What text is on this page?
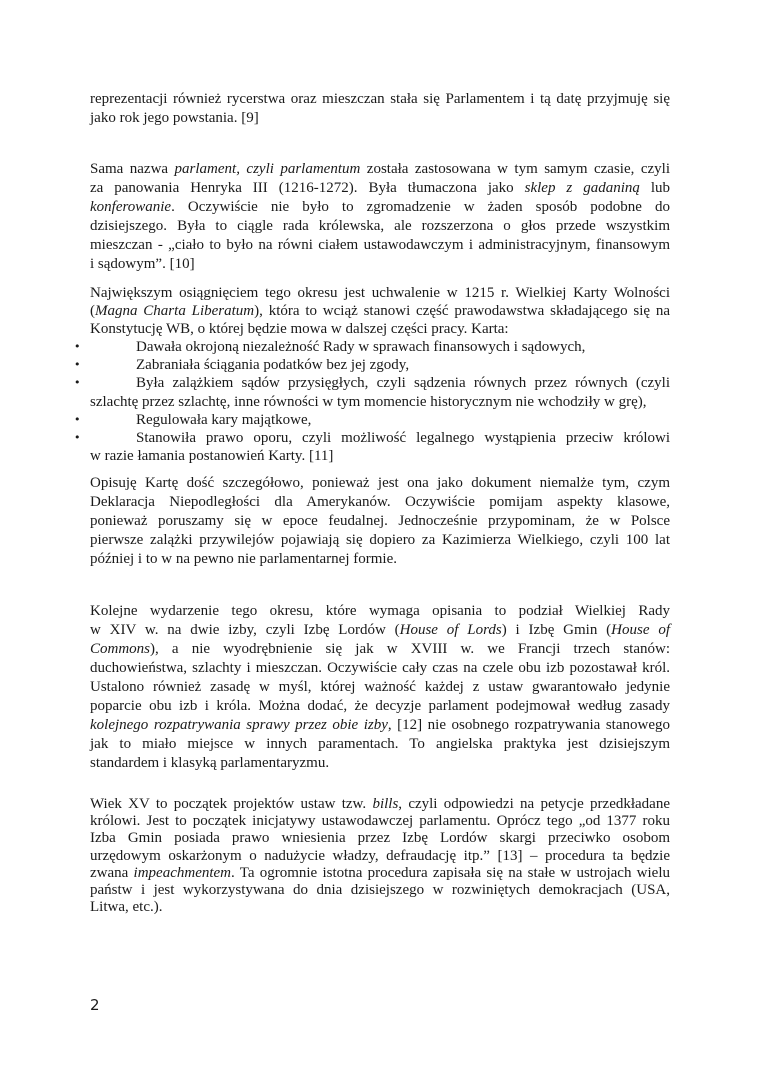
reprezentacji również rycerstwa oraz mieszczan stała się Parlamentem i tą datę przyjmuję się
jako rok jego powstania. [9]
Sama nazwa parlament, czyli parlamentum została zastosowana w tym samym czasie, czyli
za panowania Henryka III (1216-1272). Była tłumaczona jako sklep z gadaniną lub
konferowanie. Oczywiście nie było to zgromadzenie w żaden sposób podobne do
dzisiejszego. Była to ciągle rada królewska, ale rozszerzona o głos przede wszystkim
mieszczan - „ciało to było na równi ciałem ustawodawczym i administracyjnym, finansowym
i sądowym”. [10]
Największym osiągnięciem tego okresu jest uchwalenie w 1215 r. Wielkiej Karty Wolności
(Magna Charta Liberatum), która to wciąż stanowi część prawodawstwa składającego się na
Konstytucję WB, o której będzie mowa w dalszej części pracy. Karta:
•	Dawała okrojoną niezależność Rady w sprawach finansowych i sądowych,
•	Zabraniała ściągania podatków bez jej zgody,
•	Była zalążkiem sądów przysięgłych, czyli sądzenia równych przez równych (czyli
szlachtę przez szlachtę, inne równości w tym momencie historycznym nie wchodziły w grę),
•	Regulowała kary majątkowe,
•	Stanowiła prawo oporu, czyli możliwość legalnego wystąpienia przeciw królowi
w razie łamania postanowień Karty. [11]
Opisuję Kartę dość szczegółowo, ponieważ jest ona jako dokument niemalże tym, czym
Deklaracja Niepodległości dla Amerykanów. Oczywiście pomijam aspekty klasowe,
ponieważ poruszamy się w epoce feudalnej. Jednocześnie przypominam, że w Polsce
pierwsze zalążki przywilejów pojawiają się dopiero za Kazimierza Wielkiego, czyli 100 lat
później i to w na pewno nie parlamentarnej formie.
Kolejne wydarzenie tego okresu, które wymaga opisania to podział Wielkiej Rady
w XIV w. na dwie izby, czyli Izbę Lordów (House of Lords) i Izbę Gmin (House of
Commons), a nie wyodrębnienie się jak w XVIII w. we Francji trzech stanów:
duchowieństwa, szlachty i mieszczan. Oczywiście cały czas na czele obu izb pozostawał król.
Ustalono również zasadę w myśl, której ważność każdej z ustaw gwarantowało jedynie
poparcie obu izb i króla. Można dodać, że decyzje parlament podejmował według zasady
kolejnego rozpatrywania sprawy przez obie izby, [12] nie osobnego rozpatrywania stanowego
jak to miało miejsce w innych paramentach. To angielska praktyka jest dzisiejszym
standardem i klasyką parlamentaryzmu.
Wiek XV to początek projektów ustaw tzw. bills, czyli odpowiedzi na petycje przedkładane
królowi. Jest to początek inicjatywy ustawodawczej parlamentu. Oprócz tego „od 1377 roku
Izba Gmin posiada prawo wniesienia przez Izbę Lordów skargi przeciwko osobom
urzędowym oskarżonym o nadużycie władzy, defraudację itp.” [13] – procedura ta będzie
zwana impeachmentem. Ta ogromnie istotna procedura zapisała się na stałe w ustrojach wielu
państw i jest wykorzystywana do dnia dzisiejszego w rozwiniętych demokracjach (USA,
Litwa, etc.).
2
